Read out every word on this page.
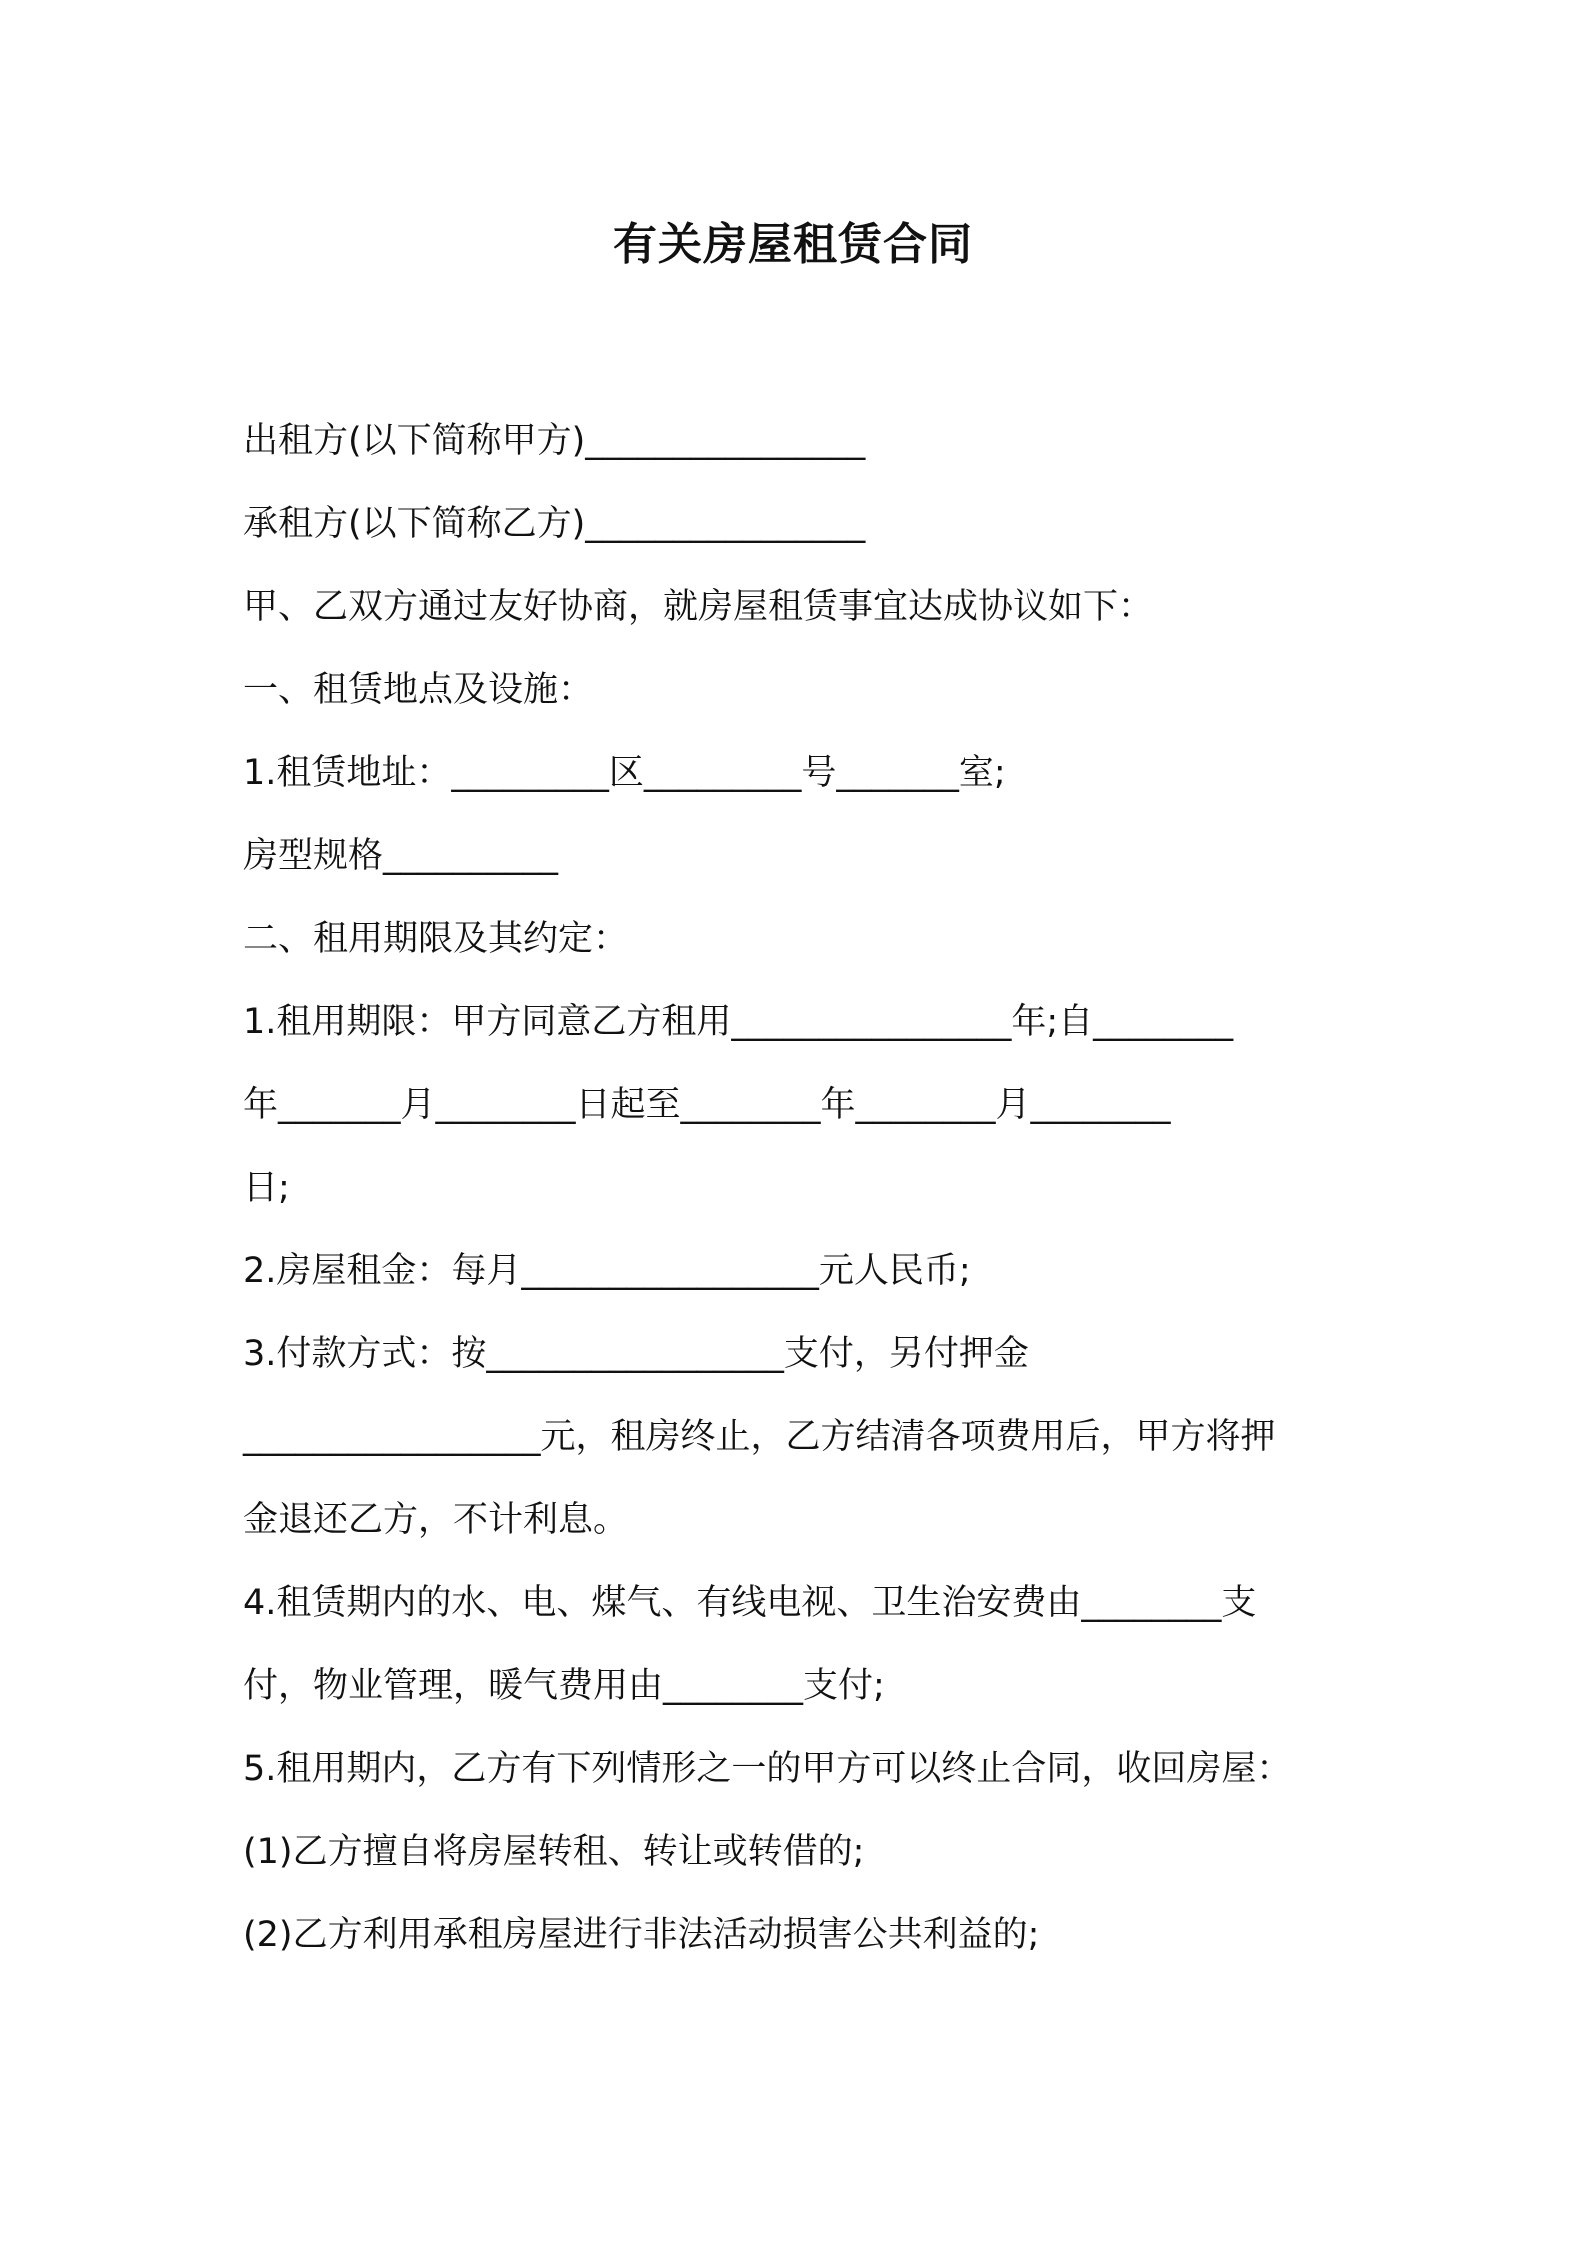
有关房屋租赁合同
出租方(以下简称甲方)________________
承租方(以下简称乙方)________________
甲、乙双方通过友好协商，就房屋租赁事宜达成协议如下：
一、租赁地点及设施：
1.租赁地址：_________区_________号_______室;
房型规格__________
二、租用期限及其约定：
1.租用期限：甲方同意乙方租用________________年;自________
年_______月________日起至________年________月________
日;
2.房屋租金：每月_________________元人民币;
3.付款方式：按_________________支付，另付押金
_________________元，租房终止，乙方结清各项费用后，甲方将押
金退还乙方，不计利息。
4.租赁期内的水、电、煤气、有线电视、卫生治安费由________支
付，物业管理，暖气费用由________支付;
5.租用期内，乙方有下列情形之一的甲方可以终止合同，收回房屋：
(1)乙方擅自将房屋转租、转让或转借的;
(2)乙方利用承租房屋进行非法活动损害公共利益的;
